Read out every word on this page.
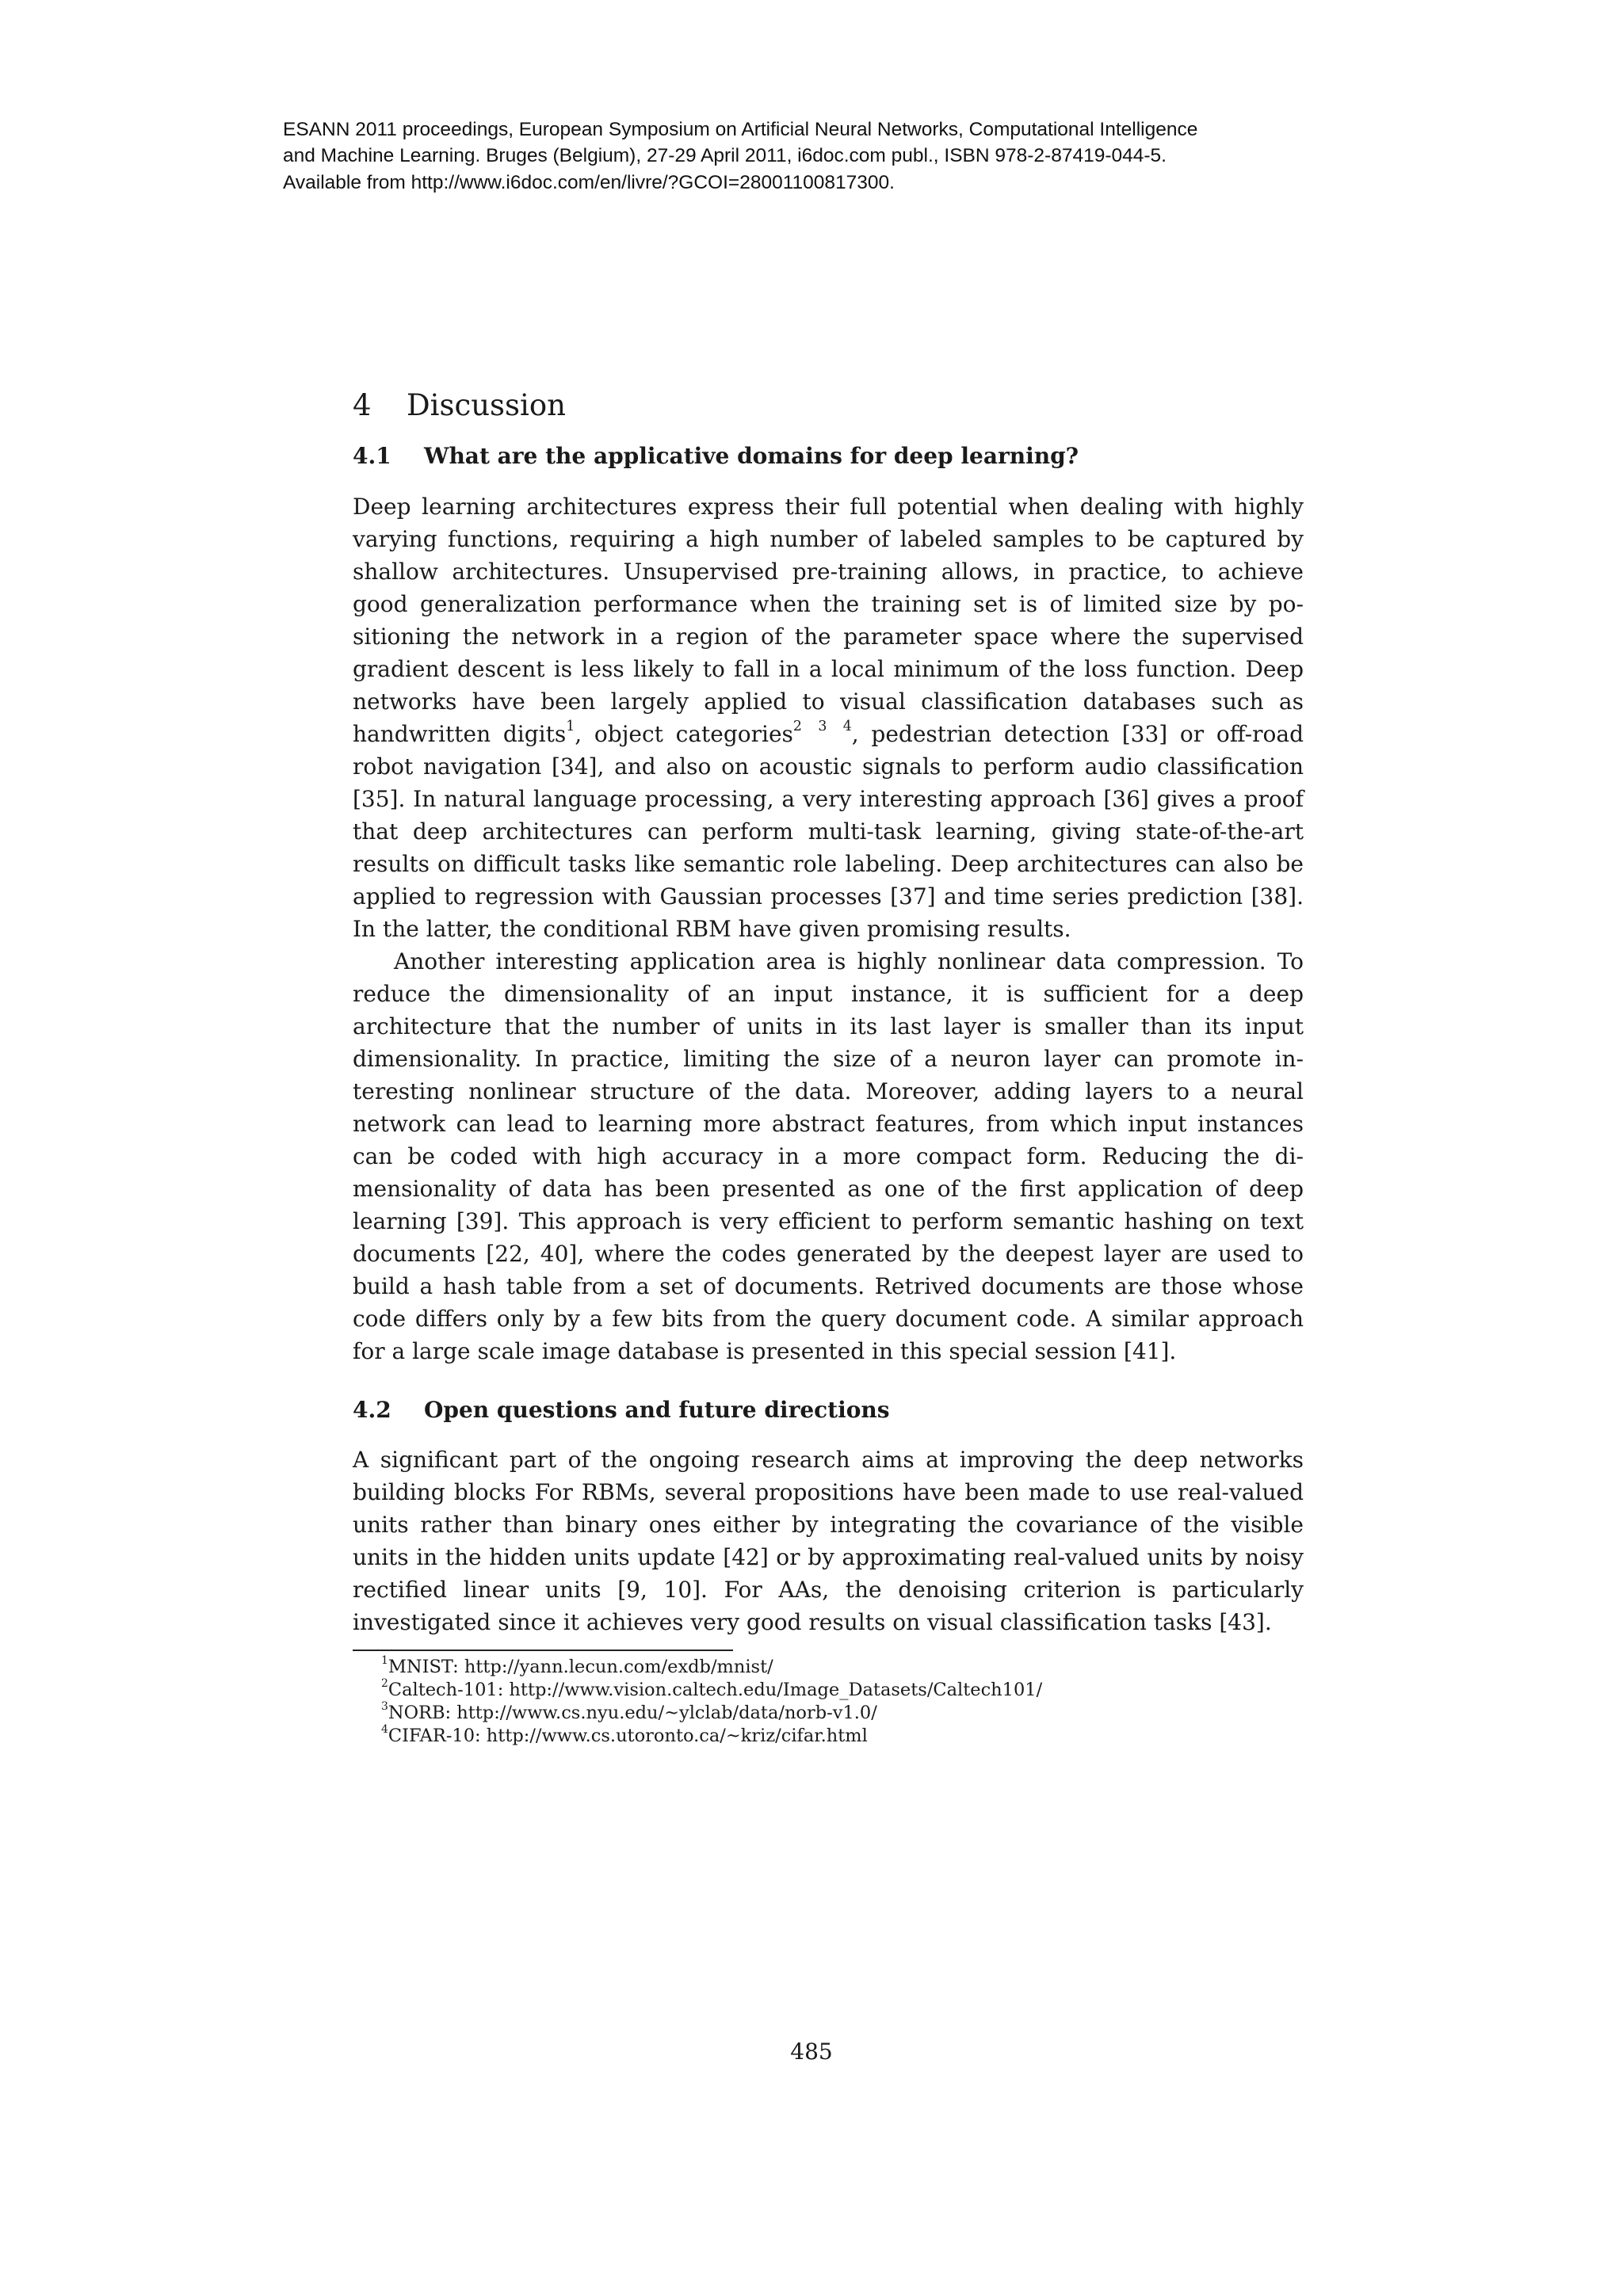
ESANN 2011 proceedings, European Symposium on Artificial Neural Networks, Computational Intelligence
and Machine Learning. Bruges (Belgium), 27-29 April 2011, i6doc.com publ., ISBN 978-2-87419-044-5.
Available from http://www.i6doc.com/en/livre/?GCOI=28001100817300.
4 Discussion
4.1 What are the applicative domains for deep learning?

Deep learning architectures express their full potential when dealing with highly varying functions, requiring a high number of labeled samples to be captured by shallow architectures. Unsupervised pre-training allows, in practice, to achieve good generalization performance when the training set is of limited size by positioning the network in a region of the parameter space where the supervised gradient descent is less likely to fall in a local minimum of the loss function. Deep networks have been largely applied to visual classification databases such as handwritten digits$^1$, object categories$^{2 3 4}$, pedestrian detection [33] or off-road robot navigation [34], and also on acoustic signals to perform audio classification [35]. In natural language processing, a very interesting approach [36] gives a proof that deep architectures can perform multi-task learning, giving state-of-the-art results on difficult tasks like semantic role labeling. Deep architectures can also be applied to regression with Gaussian processes [37] and time series prediction [38]. In the latter, the conditional RBM have given promising results.

Another interesting application area is highly nonlinear data compression. To reduce the dimensionality of an input instance, it is sufficient for a deep architecture that the number of units in its last layer is smaller than its input dimensionality. In practice, limiting the size of a neuron layer can promote interesting nonlinear structure of the data. Moreover, adding layers to a neural network can lead to learning more abstract features, from which input instances can be coded with high accuracy in a more compact form. Reducing the dimensionality of data has been presented as one of the first application of deep learning [39]. This approach is very efficient to perform semantic hashing on text documents [22, 40], where the codes generated by the deepest layer are used to build a hash table from a set of documents. Retrived documents are those whose code differs only by a few bits from the query document code. A similar approach for a large scale image database is presented in this special session [41].

4.2 Open questions and future directions

A significant part of the ongoing research aims at improving the deep networks building blocks For RBMs, several propositions have been made to use real-valued units rather than binary ones either by integrating the covariance of the visible units in the hidden units update [42] or by approximating real-valued units by noisy rectified linear units [9, 10]. For AAs, the denoising criterion is particularly investigated since it achieves very good results on visual classification tasks [43].

$^1$MNIST: http://yann.lecun.com/exdb/mnist/
$^2$Caltech-101: http://www.vision.caltech.edu/Image_Datasets/Caltech101/
$^3$NORB: http://www.cs.nyu.edu/~ylclab/data/norb-v1.0/
$^4$CIFAR-10: http://www.cs.utoronto.ca/~kriz/cifar.html
485
